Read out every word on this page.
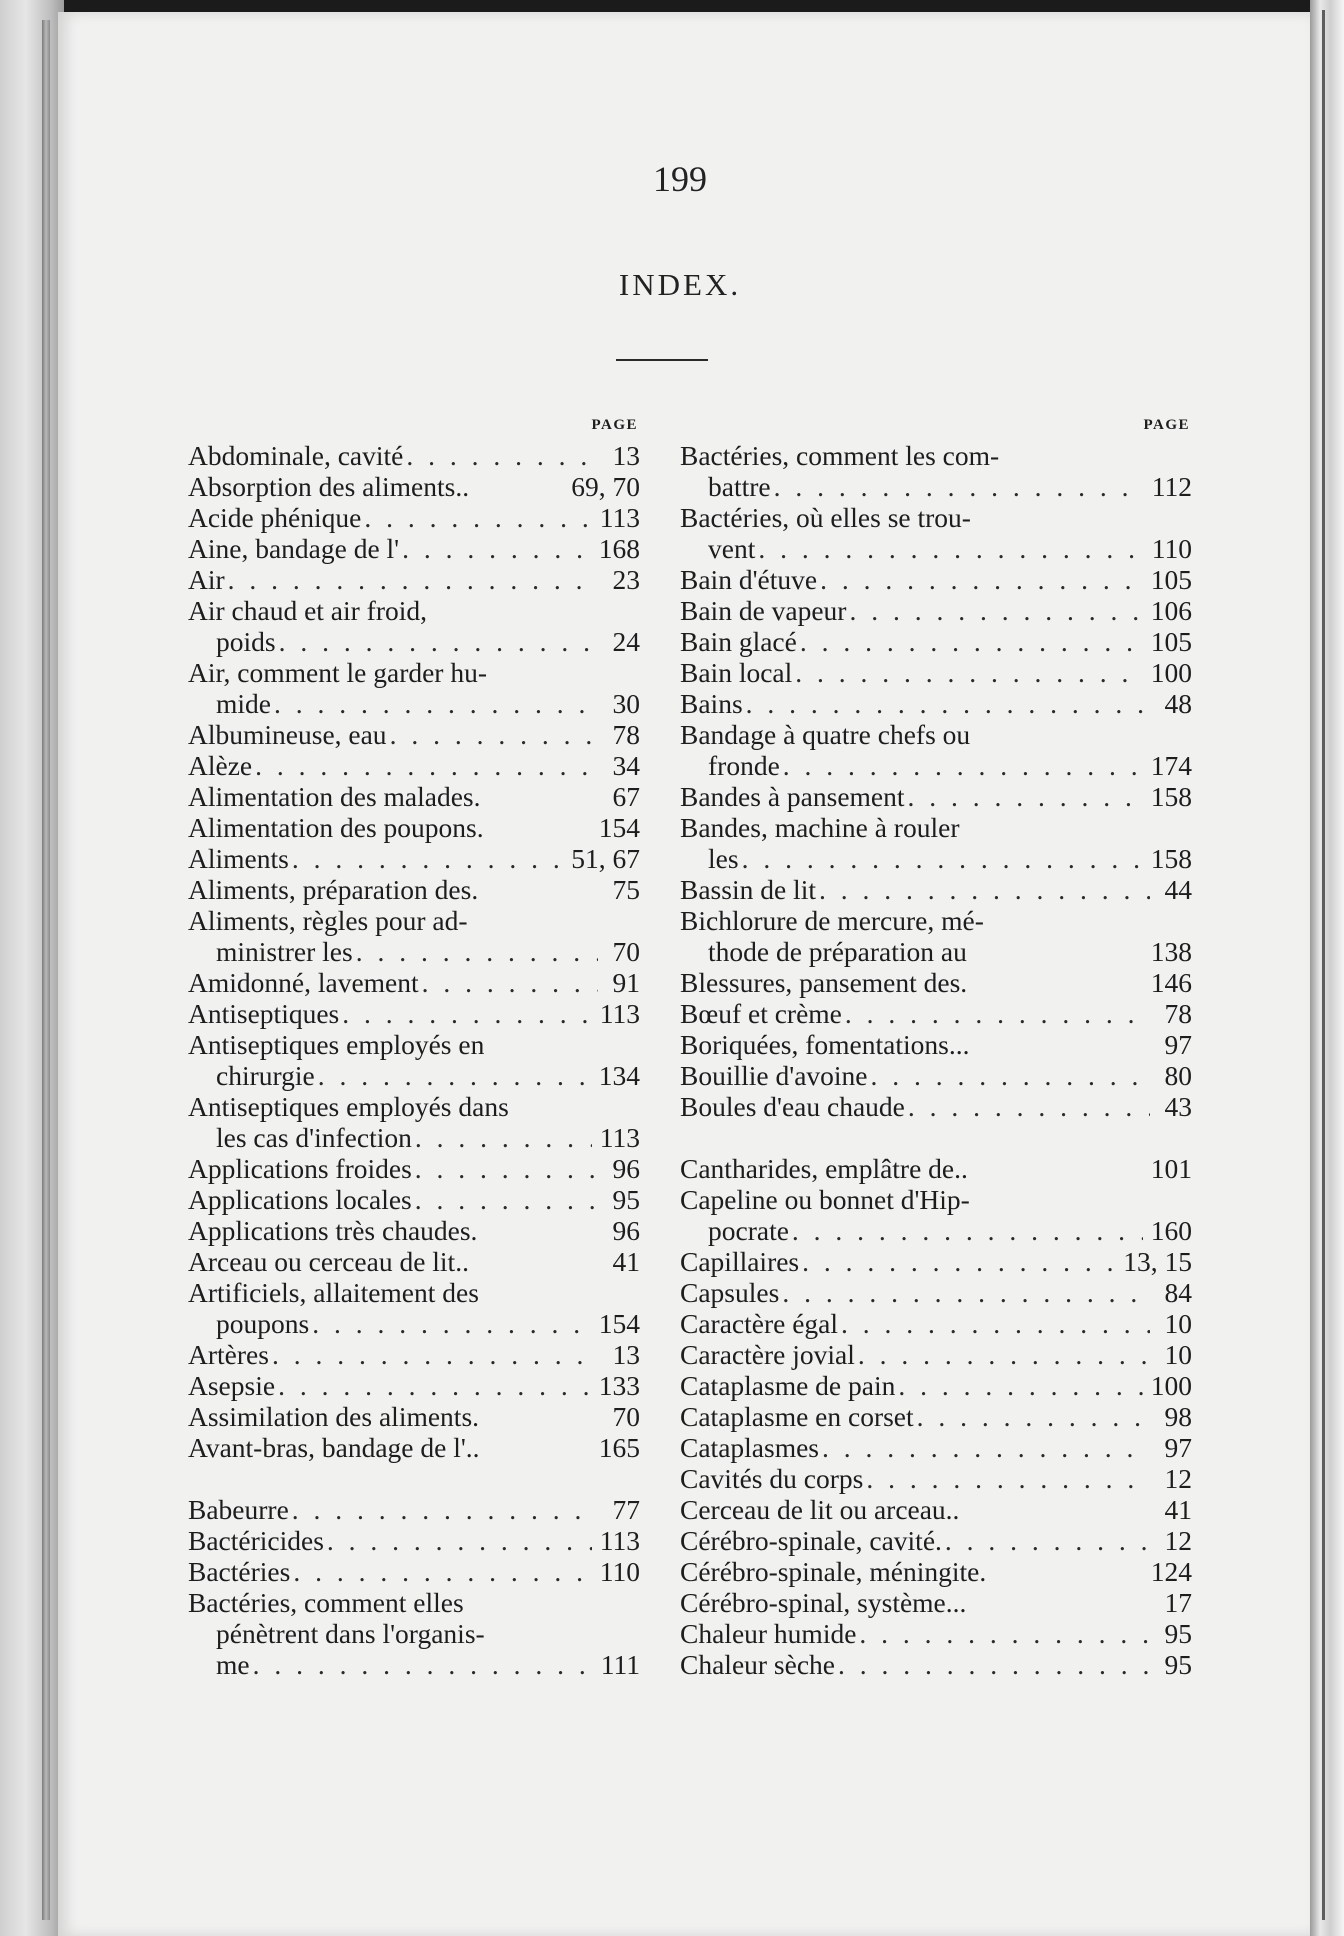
199
INDEX.
PAGE
Abdominale, cavité . . .	13
Absorption des aliments..	69, 70
Acide phénique . . .	113
Aine, bandage de l' . . .	168
Air . . .	23
Air chaud et air froid,
poids . . .	24
Air, comment le garder hu-
mide . . .	30
Albumineuse, eau . . .	78
Alèze . . .	34
Alimentation des malades.	67
Alimentation des poupons.	154
Aliments . . .	51, 67
Aliments, préparation des.	75
Aliments, règles pour ad-
ministrer les . . .	70
Amidonné, lavement . . .	91
Antiseptiques . . .	113
Antiseptiques employés en
chirurgie . . .	134
Antiseptiques employés dans
les cas d'infection . . .	113
Applications froides . . .	96
Applications locales . . .	95
Applications très chaudes.	96
Arceau ou cerceau de lit..	41
Artificiels, allaitement des
poupons . . .	154
Artères . . .	13
Asepsie . . .	133
Assimilation des aliments.	70
Avant-bras, bandage de l'..	165
Babeurre . . .	77
Bactéricides . . .	113
Bactéries . . .	110
Bactéries, comment elles
pénètrent dans l'organis-
me . . .	111
PAGE
Bactéries, comment les com-
battre . . .	112
Bactéries, où elles se trou-
vent . . .	110
Bain d'étuve . . .	105
Bain de vapeur . . .	106
Bain glacé . . .	105
Bain local . . .	100
Bains . . .	48
Bandage à quatre chefs ou
fronde . . .	174
Bandes à pansement . . .	158
Bandes, machine à rouler
les . . .	158
Bassin de lit . . .	44
Bichlorure de mercure, mé-
thode de préparation au	138
Blessures, pansement des.	146
Bœuf et crème . . .	78
Boriquées, fomentations...	97
Bouillie d'avoine . . .	80
Boules d'eau chaude . . .	43
Cantharides, emplâtre de..	101
Capeline ou bonnet d'Hip-
pocrate . . .	160
Capillaires . . .	13, 15
Capsules . . .	84
Caractère égal . . .	10
Caractère jovial . . .	10
Cataplasme de pain . . .	100
Cataplasme en corset . . .	98
Cataplasmes . . .	97
Cavités du corps . . .	12
Cerceau de lit ou arceau..	41
Cérébro-spinale, cavité. . . .	12
Cérébro-spinale, méningite.	124
Cérébro-spinal, système...	17
Chaleur humide . . .	95
Chaleur sèche . . .	95
